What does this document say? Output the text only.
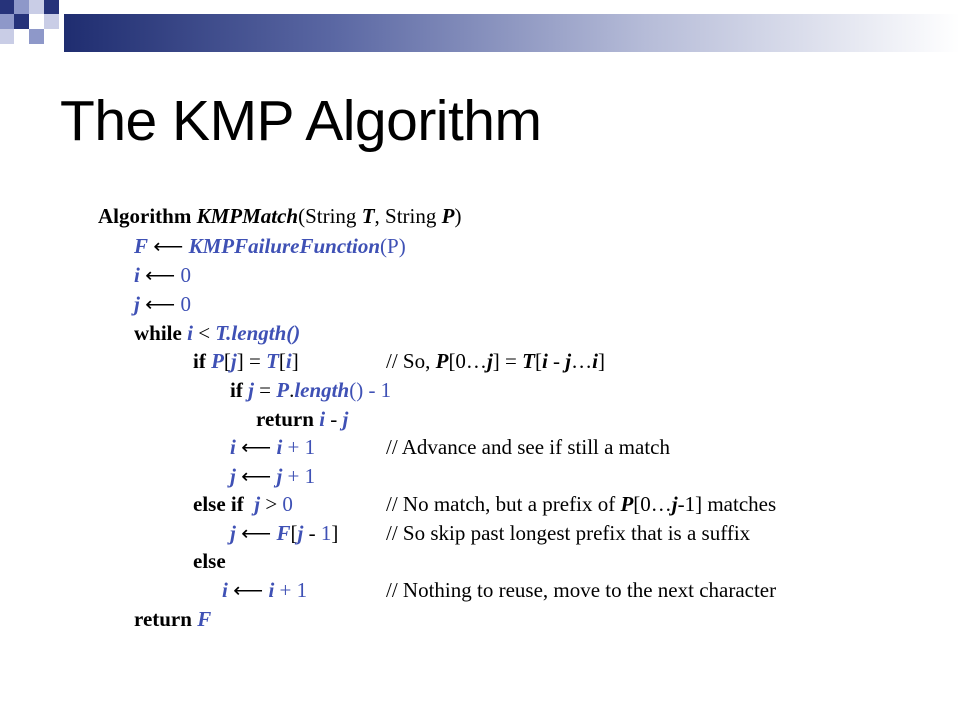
The KMP Algorithm
Algorithm KMPMatch(String T, String P)
F ⟵ KMPFailureFunction(P)
i ⟵ 0
j ⟵ 0
while i < T.length()
if P[j] = T[i]	// So, P[0…j] = T[i - j…i]
if j = P.length() - 1
return i - j
i ⟵ i + 1	// Advance and see if still a match
j ⟵ j + 1
else if j > 0	// No match, but a prefix of P[0…j-1] matches
j ⟵ F[j - 1] // So skip past longest prefix that is a suffix
else
i ⟵ i + 1	// Nothing to reuse, move to the next character
return F
